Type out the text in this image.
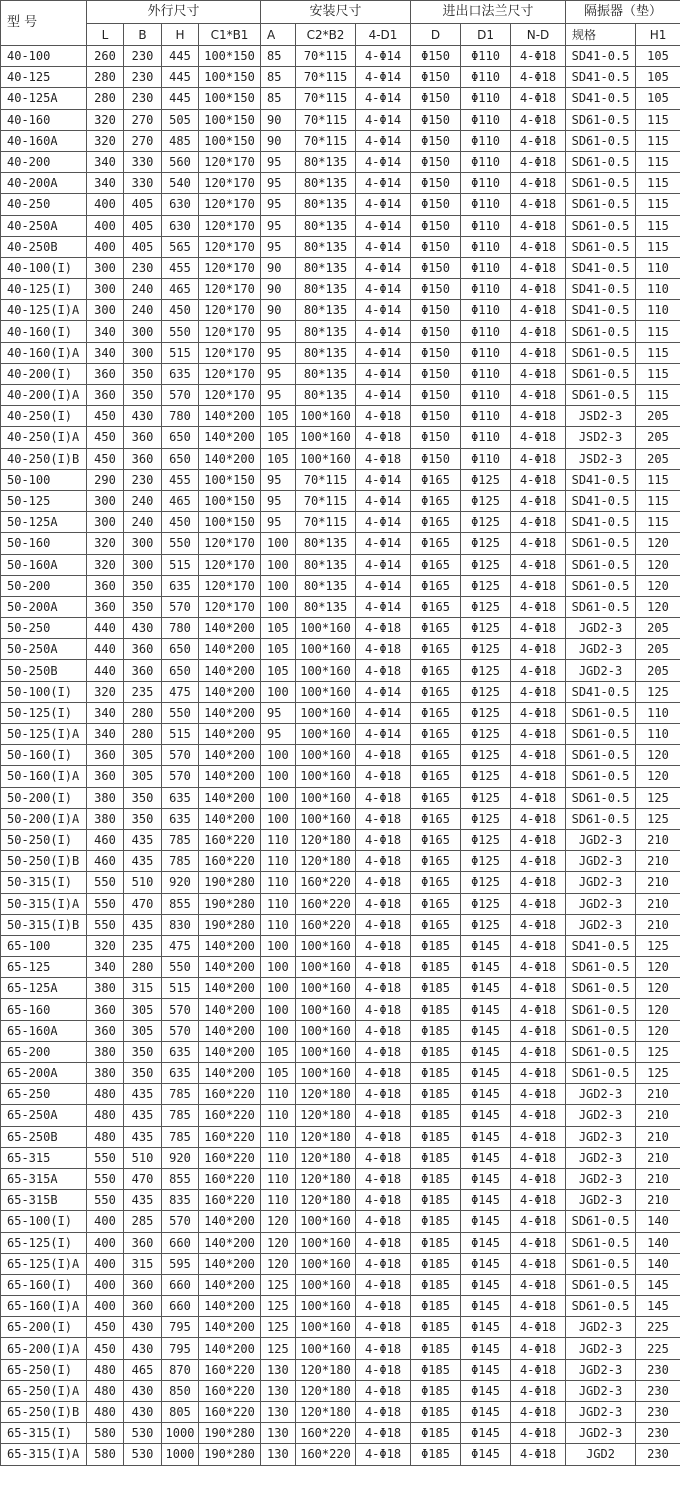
型 号	外行尺寸				安装尺寸			进出口法兰尺寸			隔振器（垫）	
	L	B	H	C1*B1	A	C2*B2	4-D1	D	D1	N-D	规格	H1
40-100	260	230	445	100*150	85	70*115	4-Φ14	Φ150	Φ110	4-Φ18	SD41-0.5	105
40-125	280	230	445	100*150	85	70*115	4-Φ14	Φ150	Φ110	4-Φ18	SD41-0.5	105
40-125A	280	230	445	100*150	85	70*115	4-Φ14	Φ150	Φ110	4-Φ18	SD41-0.5	105
40-160	320	270	505	100*150	90	70*115	4-Φ14	Φ150	Φ110	4-Φ18	SD61-0.5	115
40-160A	320	270	485	100*150	90	70*115	4-Φ14	Φ150	Φ110	4-Φ18	SD61-0.5	115
40-200	340	330	560	120*170	95	80*135	4-Φ14	Φ150	Φ110	4-Φ18	SD61-0.5	115
40-200A	340	330	540	120*170	95	80*135	4-Φ14	Φ150	Φ110	4-Φ18	SD61-0.5	115
40-250	400	405	630	120*170	95	80*135	4-Φ14	Φ150	Φ110	4-Φ18	SD61-0.5	115
40-250A	400	405	630	120*170	95	80*135	4-Φ14	Φ150	Φ110	4-Φ18	SD61-0.5	115
40-250B	400	405	565	120*170	95	80*135	4-Φ14	Φ150	Φ110	4-Φ18	SD61-0.5	115
40-100(I)	300	230	455	120*170	90	80*135	4-Φ14	Φ150	Φ110	4-Φ18	SD41-0.5	110
40-125(I)	300	240	465	120*170	90	80*135	4-Φ14	Φ150	Φ110	4-Φ18	SD41-0.5	110
40-125(I)A	300	240	450	120*170	90	80*135	4-Φ14	Φ150	Φ110	4-Φ18	SD41-0.5	110
40-160(I)	340	300	550	120*170	95	80*135	4-Φ14	Φ150	Φ110	4-Φ18	SD61-0.5	115
40-160(I)A	340	300	515	120*170	95	80*135	4-Φ14	Φ150	Φ110	4-Φ18	SD61-0.5	115
40-200(I)	360	350	635	120*170	95	80*135	4-Φ14	Φ150	Φ110	4-Φ18	SD61-0.5	115
40-200(I)A	360	350	570	120*170	95	80*135	4-Φ14	Φ150	Φ110	4-Φ18	SD61-0.5	115
40-250(I)	450	430	780	140*200	105	100*160	4-Φ18	Φ150	Φ110	4-Φ18	JSD2-3	205
40-250(I)A	450	360	650	140*200	105	100*160	4-Φ18	Φ150	Φ110	4-Φ18	JSD2-3	205
40-250(I)B	450	360	650	140*200	105	100*160	4-Φ18	Φ150	Φ110	4-Φ18	JSD2-3	205
50-100	290	230	455	100*150	95	70*115	4-Φ14	Φ165	Φ125	4-Φ18	SD41-0.5	115
50-125	300	240	465	100*150	95	70*115	4-Φ14	Φ165	Φ125	4-Φ18	SD41-0.5	115
50-125A	300	240	450	100*150	95	70*115	4-Φ14	Φ165	Φ125	4-Φ18	SD41-0.5	115
50-160	320	300	550	120*170	100	80*135	4-Φ14	Φ165	Φ125	4-Φ18	SD61-0.5	120
50-160A	320	300	515	120*170	100	80*135	4-Φ14	Φ165	Φ125	4-Φ18	SD61-0.5	120
50-200	360	350	635	120*170	100	80*135	4-Φ14	Φ165	Φ125	4-Φ18	SD61-0.5	120
50-200A	360	350	570	120*170	100	80*135	4-Φ14	Φ165	Φ125	4-Φ18	SD61-0.5	120
50-250	440	430	780	140*200	105	100*160	4-Φ18	Φ165	Φ125	4-Φ18	JGD2-3	205
50-250A	440	360	650	140*200	105	100*160	4-Φ18	Φ165	Φ125	4-Φ18	JGD2-3	205
50-250B	440	360	650	140*200	105	100*160	4-Φ18	Φ165	Φ125	4-Φ18	JGD2-3	205
50-100(I)	320	235	475	140*200	100	100*160	4-Φ14	Φ165	Φ125	4-Φ18	SD41-0.5	125
50-125(I)	340	280	550	140*200	95	100*160	4-Φ14	Φ165	Φ125	4-Φ18	SD61-0.5	110
50-125(I)A	340	280	515	140*200	95	100*160	4-Φ14	Φ165	Φ125	4-Φ18	SD61-0.5	110
50-160(I)	360	305	570	140*200	100	100*160	4-Φ18	Φ165	Φ125	4-Φ18	SD61-0.5	120
50-160(I)A	360	305	570	140*200	100	100*160	4-Φ18	Φ165	Φ125	4-Φ18	SD61-0.5	120
50-200(I)	380	350	635	140*200	100	100*160	4-Φ18	Φ165	Φ125	4-Φ18	SD61-0.5	125
50-200(I)A	380	350	635	140*200	100	100*160	4-Φ18	Φ165	Φ125	4-Φ18	SD61-0.5	125
50-250(I)	460	435	785	160*220	110	120*180	4-Φ18	Φ165	Φ125	4-Φ18	JGD2-3	210
50-250(I)B	460	435	785	160*220	110	120*180	4-Φ18	Φ165	Φ125	4-Φ18	JGD2-3	210
50-315(I)	550	510	920	190*280	110	160*220	4-Φ18	Φ165	Φ125	4-Φ18	JGD2-3	210
50-315(I)A	550	470	855	190*280	110	160*220	4-Φ18	Φ165	Φ125	4-Φ18	JGD2-3	210
50-315(I)B	550	435	830	190*280	110	160*220	4-Φ18	Φ165	Φ125	4-Φ18	JGD2-3	210
65-100	320	235	475	140*200	100	100*160	4-Φ18	Φ185	Φ145	4-Φ18	SD41-0.5	125
65-125	340	280	550	140*200	100	100*160	4-Φ18	Φ185	Φ145	4-Φ18	SD61-0.5	120
65-125A	380	315	515	140*200	100	100*160	4-Φ18	Φ185	Φ145	4-Φ18	SD61-0.5	120
65-160	360	305	570	140*200	100	100*160	4-Φ18	Φ185	Φ145	4-Φ18	SD61-0.5	120
65-160A	360	305	570	140*200	100	100*160	4-Φ18	Φ185	Φ145	4-Φ18	SD61-0.5	120
65-200	380	350	635	140*200	105	100*160	4-Φ18	Φ185	Φ145	4-Φ18	SD61-0.5	125
65-200A	380	350	635	140*200	105	100*160	4-Φ18	Φ185	Φ145	4-Φ18	SD61-0.5	125
65-250	480	435	785	160*220	110	120*180	4-Φ18	Φ185	Φ145	4-Φ18	JGD2-3	210
65-250A	480	435	785	160*220	110	120*180	4-Φ18	Φ185	Φ145	4-Φ18	JGD2-3	210
65-250B	480	435	785	160*220	110	120*180	4-Φ18	Φ185	Φ145	4-Φ18	JGD2-3	210
65-315	550	510	920	160*220	110	120*180	4-Φ18	Φ185	Φ145	4-Φ18	JGD2-3	210
65-315A	550	470	855	160*220	110	120*180	4-Φ18	Φ185	Φ145	4-Φ18	JGD2-3	210
65-315B	550	435	835	160*220	110	120*180	4-Φ18	Φ185	Φ145	4-Φ18	JGD2-3	210
65-100(I)	400	285	570	140*200	120	100*160	4-Φ18	Φ185	Φ145	4-Φ18	SD61-0.5	140
65-125(I)	400	360	660	140*200	120	100*160	4-Φ18	Φ185	Φ145	4-Φ18	SD61-0.5	140
65-125(I)A	400	315	595	140*200	120	100*160	4-Φ18	Φ185	Φ145	4-Φ18	SD61-0.5	140
65-160(I)	400	360	660	140*200	125	100*160	4-Φ18	Φ185	Φ145	4-Φ18	SD61-0.5	145
65-160(I)A	400	360	660	140*200	125	100*160	4-Φ18	Φ185	Φ145	4-Φ18	SD61-0.5	145
65-200(I)	450	430	795	140*200	125	100*160	4-Φ18	Φ185	Φ145	4-Φ18	JGD2-3	225
65-200(I)A	450	430	795	140*200	125	100*160	4-Φ18	Φ185	Φ145	4-Φ18	JGD2-3	225
65-250(I)	480	465	870	160*220	130	120*180	4-Φ18	Φ185	Φ145	4-Φ18	JGD2-3	230
65-250(I)A	480	430	850	160*220	130	120*180	4-Φ18	Φ185	Φ145	4-Φ18	JGD2-3	230
65-250(I)B	480	430	805	160*220	130	120*180	4-Φ18	Φ185	Φ145	4-Φ18	JGD2-3	230
65-315(I)	580	530	1000	190*280	130	160*220	4-Φ18	Φ185	Φ145	4-Φ18	JGD2-3	230
65-315(I)A	580	530	1000	190*280	130	160*220	4-Φ18	Φ185	Φ145	4-Φ18	JGD2	230
